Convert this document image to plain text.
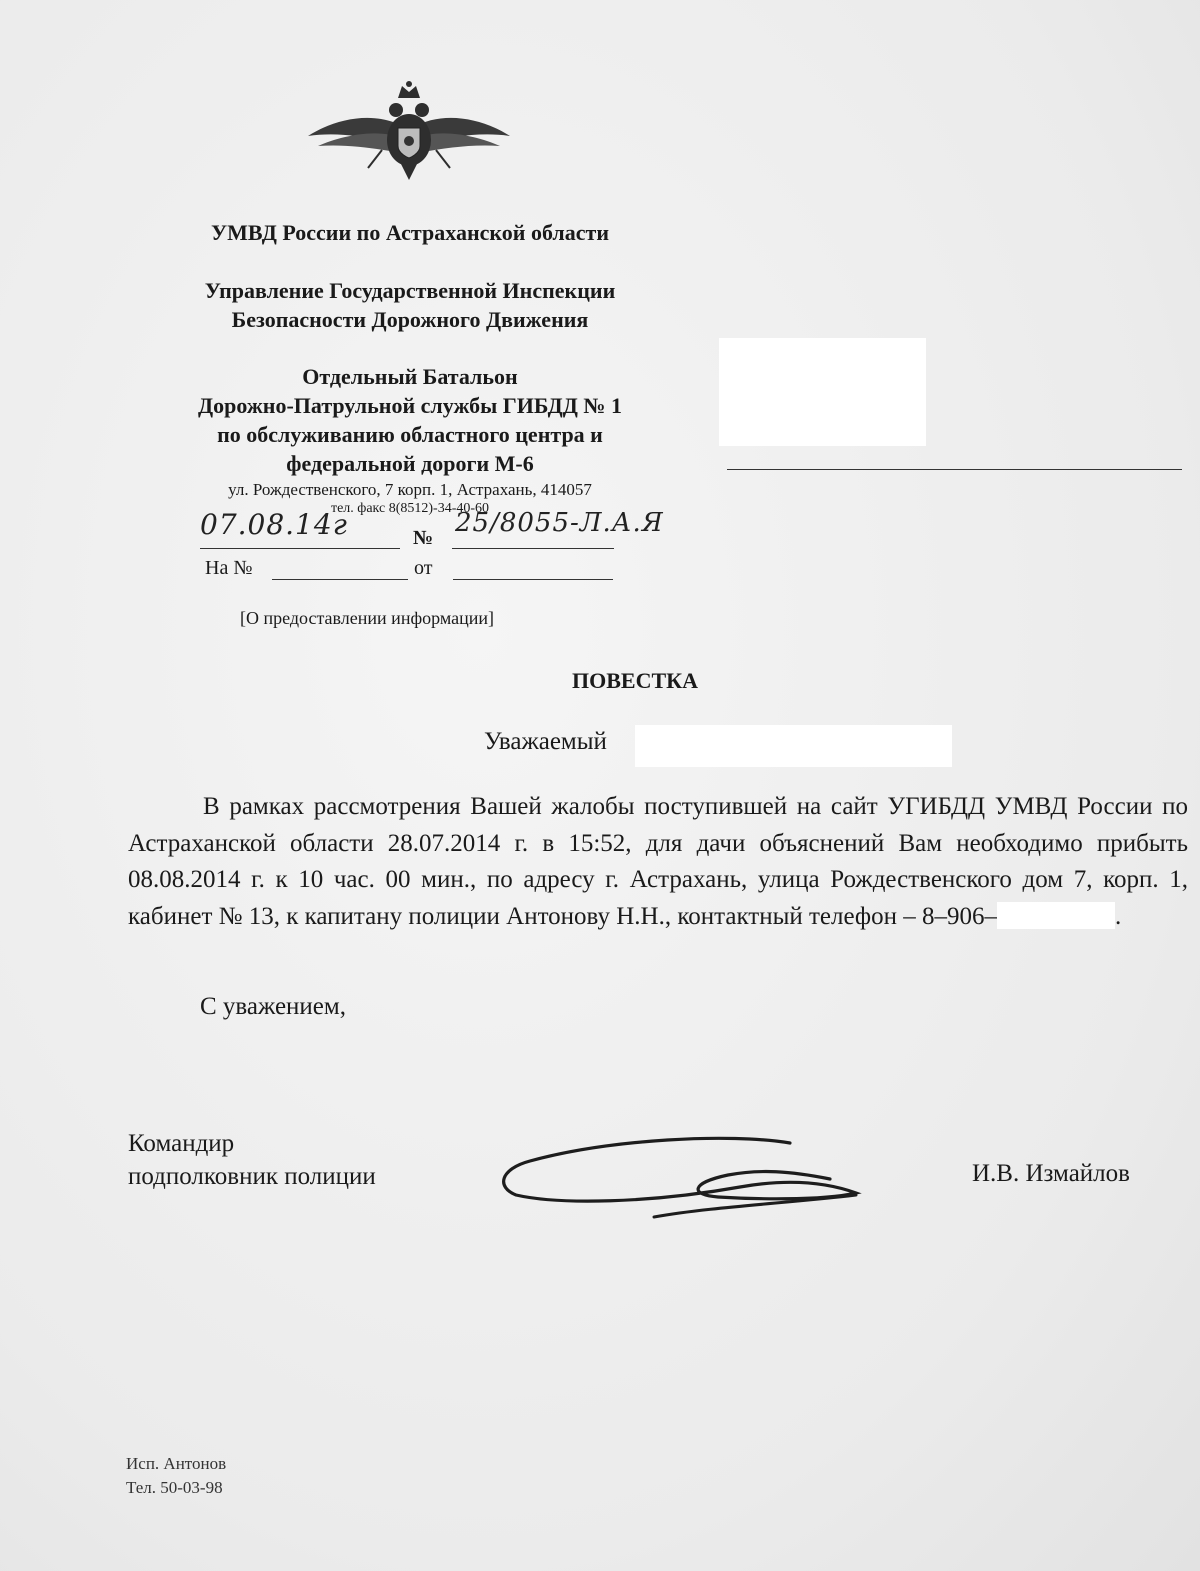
УМВД России по Астраханской области
Управление Государственной Инспекции
Безопасности Дорожного Движения
Отдельный Батальон
Дорожно-Патрульной службы ГИБДД № 1
по обслуживанию областного центра и
федеральной дороги М-6
ул. Рождественского, 7 корп. 1, Астрахань, 414057
тел. факс 8(8512)-34-40-60
07.08.14г	№ 25/8055-Л.А.Я
На №	от
[О предоставлении информации]
ПОВЕСТКА
Уважаемый

В рамках рассмотрения Вашей жалобы поступившей на сайт УГИБДД УМВД России по Астраханской области 28.07.2014 г. в 15:52, для дачи объяснений Вам необходимо прибыть 08.08.2014 г. к 10 час. 00 мин., по адресу г. Астрахань, улица Рождественского дом 7, корп. 1, кабинет № 13, к капитану полиции Антонову Н.Н., контактный телефон – 8–906–	.

С уважением,
Командир
подполковник полиции	И.В. Измайлов
Исп. Антонов
Тел. 50-03-98
